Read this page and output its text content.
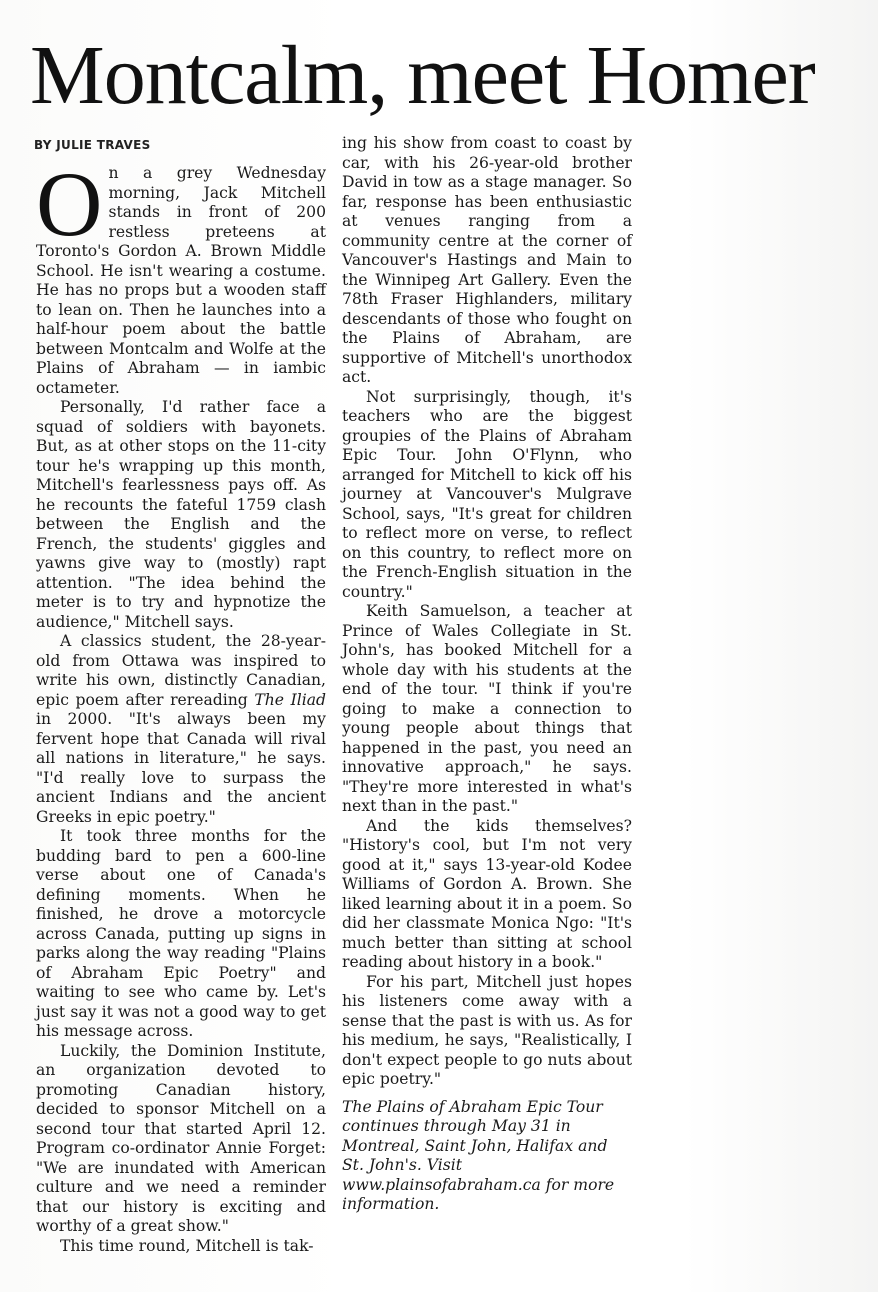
Montcalm, meet Homer
BY JULIE TRAVES

On a grey Wednesday morning, Jack Mitchell stands in front of 200 restless preteens at Toronto's Gordon A. Brown Middle School. He isn't wearing a costume. He has no props but a wooden staff to lean on. Then he launches into a half-hour poem about the battle between Montcalm and Wolfe at the Plains of Abraham — in iambic octameter.

Personally, I'd rather face a squad of soldiers with bayonets. But, as at other stops on the 11-city tour he's wrapping up this month, Mitchell's fearlessness pays off. As he recounts the fateful 1759 clash between the English and the French, the students' giggles and yawns give way to (mostly) rapt attention. "The idea behind the meter is to try and hypnotize the audience," Mitchell says.

A classics student, the 28-year-old from Ottawa was inspired to write his own, distinctly Canadian, epic poem after rereading The Iliad in 2000. "It's always been my fervent hope that Canada will rival all nations in literature," he says. "I'd really love to surpass the ancient Indians and the ancient Greeks in epic poetry."

It took three months for the budding bard to pen a 600-line verse about one of Canada's defining moments. When he finished, he drove a motorcycle across Canada, putting up signs in parks along the way reading "Plains of Abraham Epic Poetry" and waiting to see who came by. Let's just say it was not a good way to get his message across.

Luckily, the Dominion Institute, an organization devoted to promoting Canadian history, decided to sponsor Mitchell on a second tour that started April 12. Program co-ordinator Annie Forget: "We are inundated with American culture and we need a reminder that our history is exciting and worthy of a great show."

This time round, Mitchell is tak-

ing his show from coast to coast by car, with his 26-year-old brother David in tow as a stage manager. So far, response has been enthusiastic at venues ranging from a community centre at the corner of Vancouver's Hastings and Main to the Winnipeg Art Gallery. Even the 78th Fraser Highlanders, military descendants of those who fought on the Plains of Abraham, are supportive of Mitchell's unorthodox act.

Not surprisingly, though, it's teachers who are the biggest groupies of the Plains of Abraham Epic Tour. John O'Flynn, who arranged for Mitchell to kick off his journey at Vancouver's Mulgrave School, says, "It's great for children to reflect more on verse, to reflect on this country, to reflect more on the French-English situation in the country."

Keith Samuelson, a teacher at Prince of Wales Collegiate in St. John's, has booked Mitchell for a whole day with his students at the end of the tour. "I think if you're going to make a connection to young people about things that happened in the past, you need an innovative approach," he says. "They're more interested in what's next than in the past."

And the kids themselves? "History's cool, but I'm not very good at it," says 13-year-old Kodee Williams of Gordon A. Brown. She liked learning about it in a poem. So did her classmate Monica Ngo: "It's much better than sitting at school reading about history in a book."

For his part, Mitchell just hopes his listeners come away with a sense that the past is with us. As for his medium, he says, "Realistically, I don't expect people to go nuts about epic poetry."

The Plains of Abraham Epic Tour continues through May 31 in Montreal, Saint John, Halifax and St. John's. Visit www.plainsofabraham.ca for more information.
